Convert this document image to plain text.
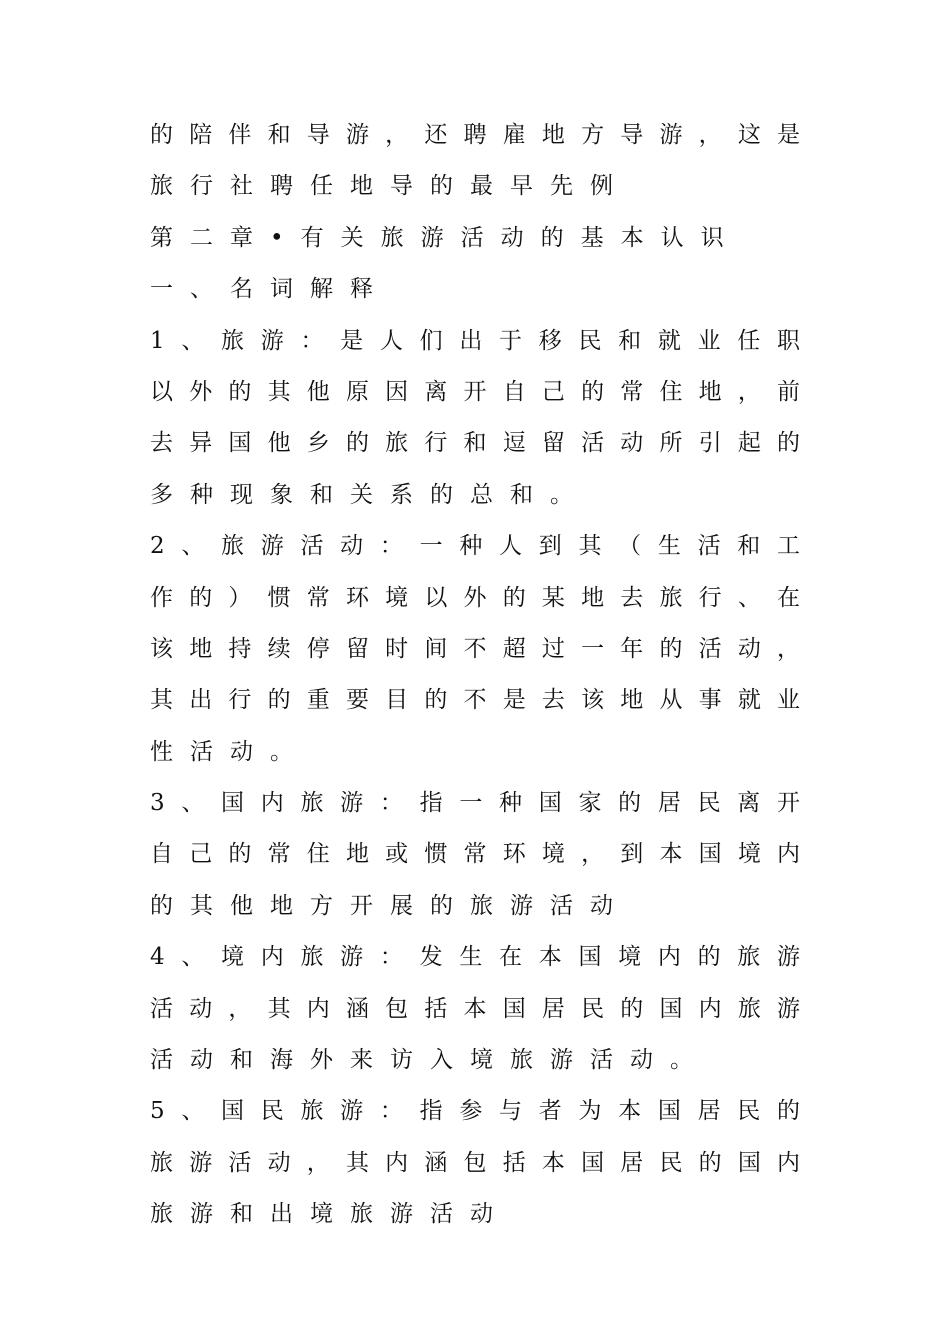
的陪伴和导游，还聘雇地方导游，这是
旅行社聘任地导的最早先例
第二章•有关旅游活动的基本认识
一、名词解释
1、旅游：是人们出于移民和就业任职
以外的其他原因离开自己的常住地，前
去异国他乡的旅行和逗留活动所引起的
多种现象和关系的总和。
2、旅游活动：一种人到其（生活和工
作的）惯常环境以外的某地去旅行、在
该地持续停留时间不超过一年的活动，
其出行的重要目的不是去该地从事就业
性活动。
3、国内旅游：指一种国家的居民离开
自己的常住地或惯常环境，到本国境内
的其他地方开展的旅游活动
4、境内旅游：发生在本国境内的旅游
活动，其内涵包括本国居民的国内旅游
活动和海外来访入境旅游活动。
5、国民旅游：指参与者为本国居民的
旅游活动，其内涵包括本国居民的国内
旅游和出境旅游活动
